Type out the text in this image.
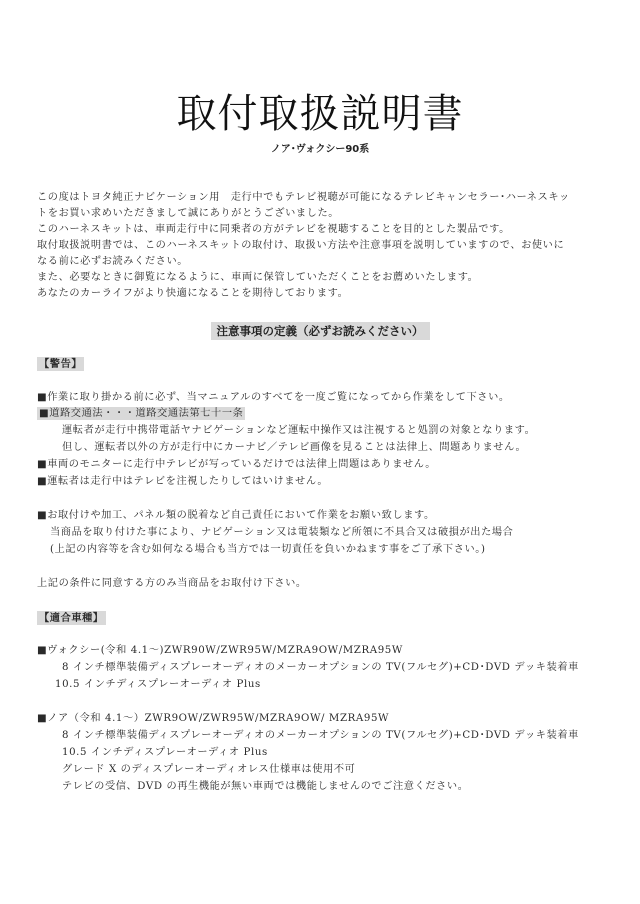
取付取扱説明書
ノア･ヴォクシー90系
この度はトヨタ純正ナビケーション用　走行中でもテレビ視聴が可能になるテレビキャンセラー･ハーネスキッ
トをお買い求めいただきまして誠にありがとうございました。
このハーネスキットは、車両走行中に同乗者の方がテレビを視聴することを目的とした製品です。
取付取扱説明書では、このハーネスキットの取付け、取扱い方法や注意事項を説明していますので、お使いに
なる前に必ずお読みください。
また、必要なときに御覧になるように、車両に保管していただくことをお薦めいたします。
あなたのカーライフがより快適になることを期待しております。
注意事項の定義（必ずお読みください）
【警告】
■作業に取り掛かる前に必ず、当マニュアルのすべてを一度ご覧になってから作業をして下さい。
■道路交通法・・・道路交通法第七十一条
運転者が走行中携帯電話ヤナビゲーションなど運転中操作又は注視すると処罰の対象となります。
但し、運転者以外の方が走行中にカーナビ／テレビ画像を見ることは法律上、問題ありません。
■車両のモニターに走行中テレビが写っているだけでは法律上問題はありません。
■運転者は走行中はテレビを注視したりしてはいけません。
■お取付けや加工、パネル類の脱着など自己責任において作業をお願い致します。
当商品を取り付けた事により、ナビゲーション又は電装類など所領に不具合又は破損が出た場合
(上記の内容等を含む如何なる場合も当方では一切責任を負いかねます事をご了承下さい。)
上記の条件に同意する方のみ当商品をお取付け下さい。
【適合車種】
■ヴォクシー(令和 4.1～)ZWR90W/ZWR95W/MZRA9OW/MZRA95W
8 インチ標準装備ディスプレーオーディオのメーカーオプションの TV(フルセグ)+CD･DVD デッキ装着車
10.5 インチディスプレーオーディオ Plus
■ノア（令和 4.1～）ZWR9OW/ZWR95W/MZRA9OW/ MZRA95W
8 インチ標準装備ディスプレーオーディオのメーカーオプションの TV(フルセグ)+CD･DVD デッキ装着車
10.5 インチディスプレーオーディオ Plus
グレード X のディスプレーオーディオレス仕様車は使用不可
テレビの受信、DVD の再生機能が無い車両では機能しませんのでご注意ください。
